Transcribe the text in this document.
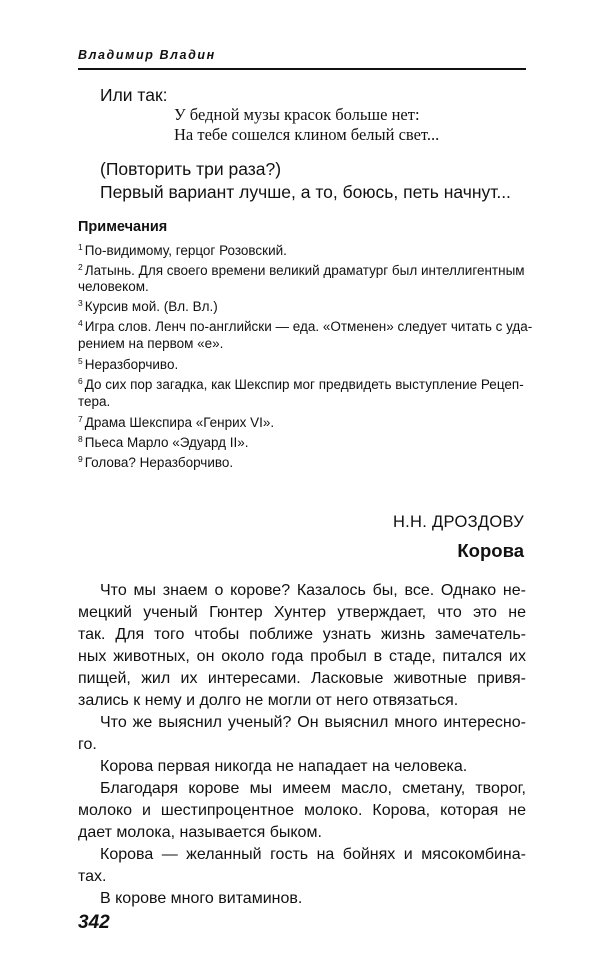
Владимир Владин
Или так:
У бедной музы красок больше нет:
На тебе сошелся клином белый свет...
(Повторить три раза?)
Первый вариант лучше, а то, боюсь, петь начнут...
Примечания
$^1$ По-видимому, герцог Розовский.
$^2$ Латынь. Для своего времени великий драматург был интеллигентным
человеком.
$^3$ Курсив мой. (Вл. Вл.)
$^4$ Игра слов. Ленч по-английски — еда. «Отменен» следует читать с уда-
рением на первом «е».
$^5$ Неразборчиво.
$^6$ До сих пор загадка, как Шекспир мог предвидеть выступление Рецеп-
тера.
$^7$ Драма Шекспира «Генрих VI».
$^8$ Пьеса Марло «Эдуард II».
$^9$ Голова? Неразборчиво.
Н.Н. ДРОЗДОВУ
Корова
Что мы знаем о корове? Казалось бы, все. Однако не-
мецкий ученый Гюнтер Хунтер утверждает, что это не
так. Для того чтобы поближе узнать жизнь замечатель-
ных животных, он около года пробыл в стаде, питался их
пищей, жил их интересами. Ласковые животные привя-
зались к нему и долго не могли от него отвязаться.
Что же выяснил ученый? Он выяснил много интересно-
го.
Корова первая никогда не нападает на человека.
Благодаря корове мы имеем масло, сметану, творог,
молоко и шестипроцентное молоко. Корова, которая не
дает молока, называется быком.
Корова — желанный гость на бойнях и мясокомбина-
тах.
В корове много витаминов.
342
